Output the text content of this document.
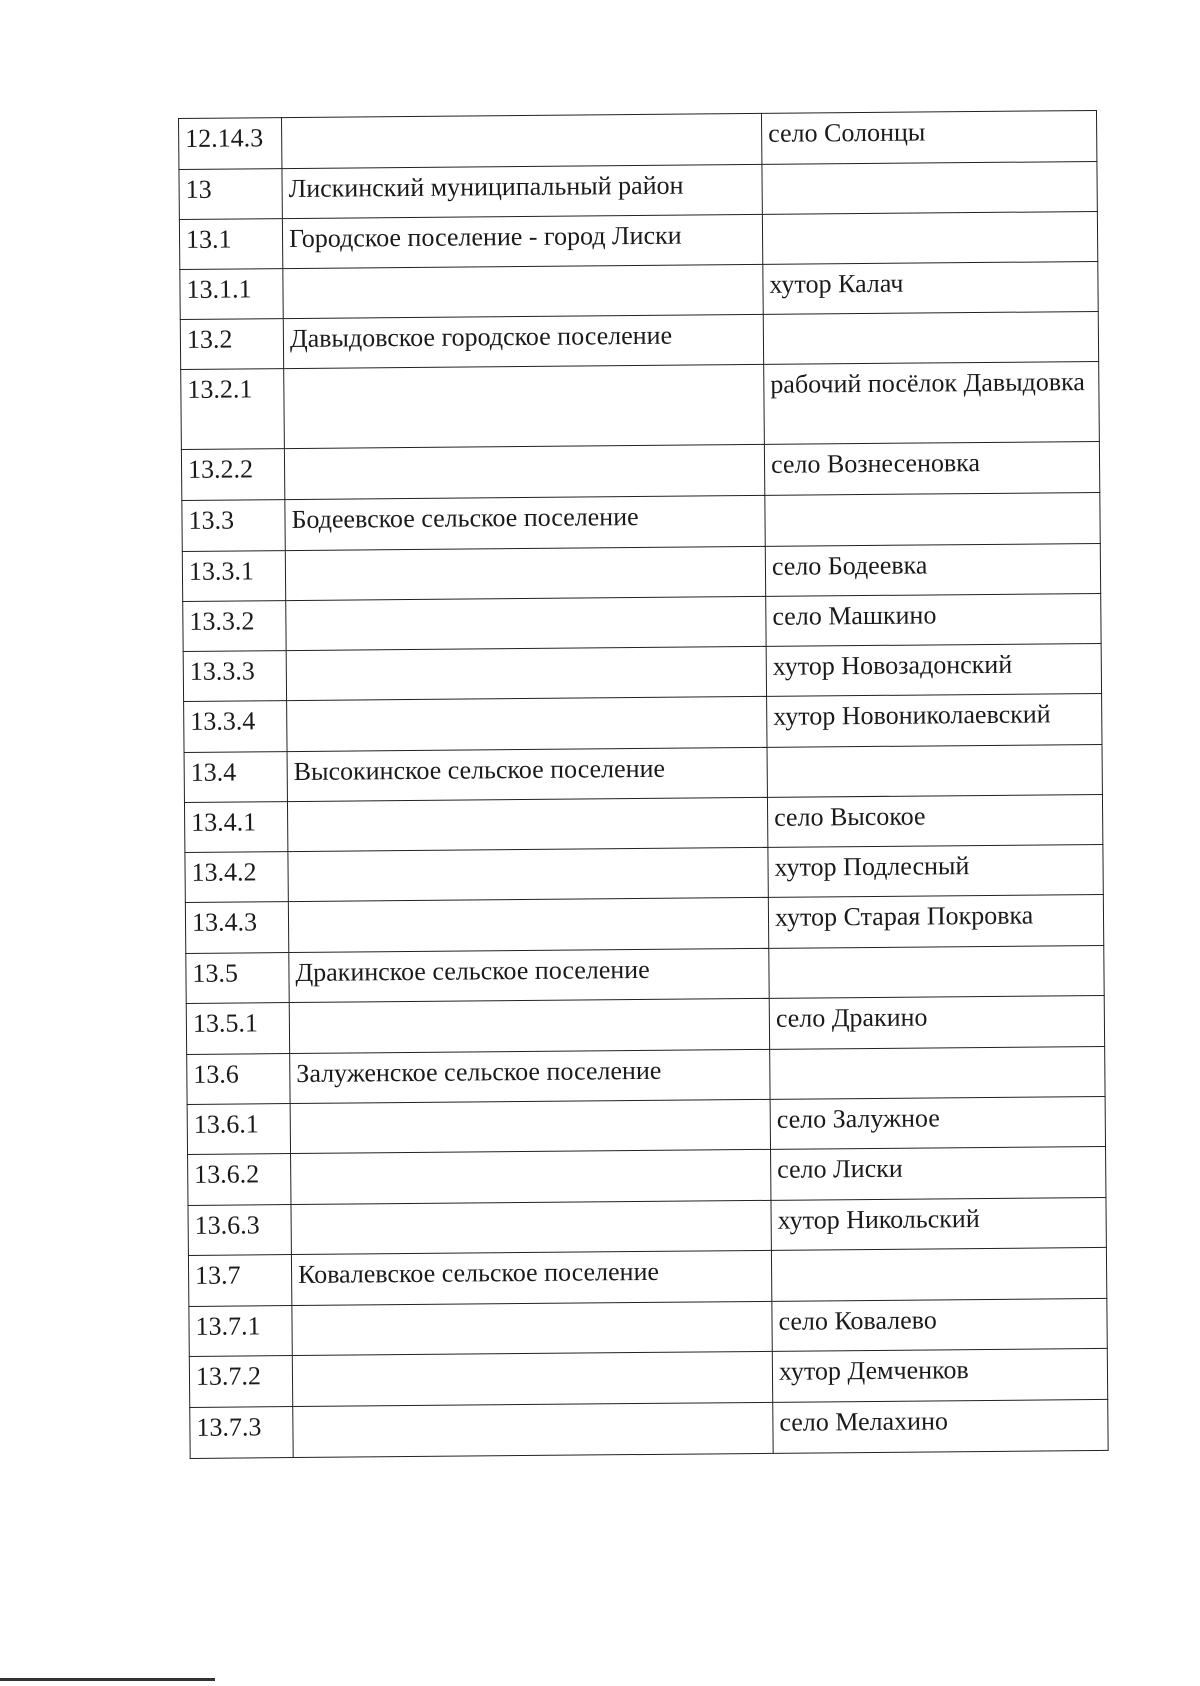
12.14.3		село Солонцы
13	Лискинский муниципальный район	
13.1	Городское поселение - город Лиски	
13.1.1		хутор Калач
13.2	Давыдовское городское поселение	
13.2.1		рабочий посёлок Давыдовка
13.2.2		село Вознесеновка
13.3	Бодеевское сельское поселение	
13.3.1		село Бодеевка
13.3.2		село Машкино
13.3.3		хутор Новозадонский
13.3.4		хутор Новониколаевский
13.4	Высокинское сельское поселение	
13.4.1		село Высокое
13.4.2		хутор Подлесный
13.4.3		хутор Старая Покровка
13.5	Дракинское сельское поселение	
13.5.1		село Дракино
13.6	Залуженское сельское поселение	
13.6.1		село Залужное
13.6.2		село Лиски
13.6.3		хутор Никольский
13.7	Ковалевское сельское поселение	
13.7.1		село Ковалево
13.7.2		хутор Демченков
13.7.3		село Мелахино
